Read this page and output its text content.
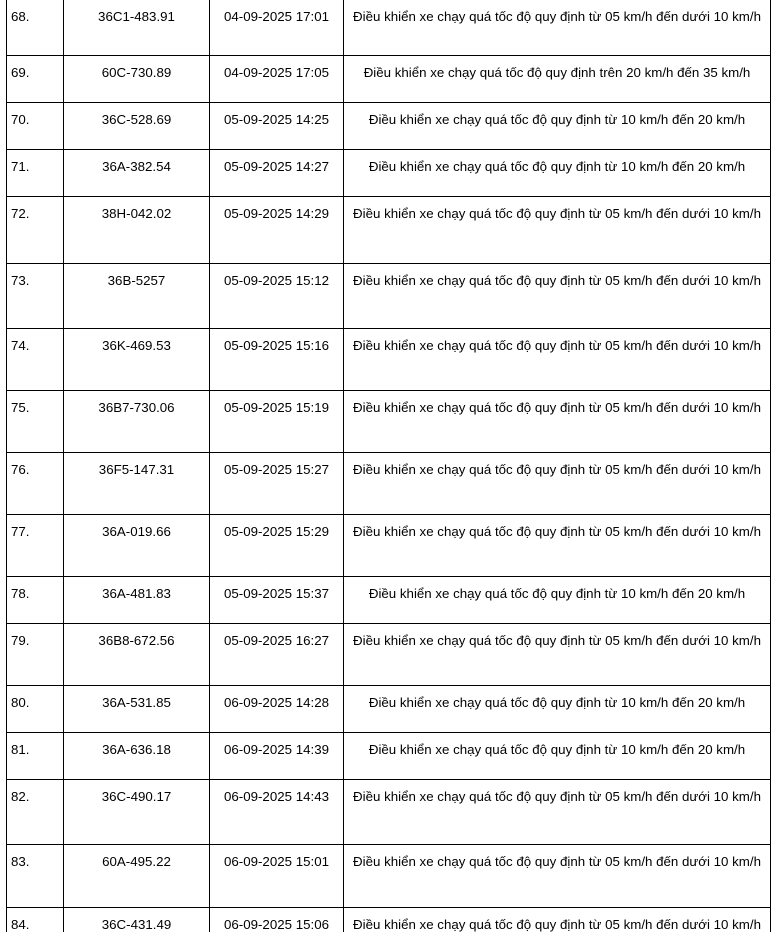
68.	36C1-483.91	04-09-2025 17:01	Điều khiển xe chạy quá tốc độ quy định từ 05 km/h đến dưới 10 km/h
69.	60C-730.89	04-09-2025 17:05	Điều khiển xe chạy quá tốc độ quy định trên 20 km/h đến 35 km/h
70.	36C-528.69	05-09-2025 14:25	Điều khiển xe chạy quá tốc độ quy định từ 10 km/h đến 20 km/h
71.	36A-382.54	05-09-2025 14:27	Điều khiển xe chạy quá tốc độ quy định từ 10 km/h đến 20 km/h
72.	38H-042.02	05-09-2025 14:29	Điều khiển xe chạy quá tốc độ quy định từ 05 km/h đến dưới 10 km/h
73.	36B-5257	05-09-2025 15:12	Điều khiển xe chạy quá tốc độ quy định từ 05 km/h đến dưới 10 km/h
74.	36K-469.53	05-09-2025 15:16	Điều khiển xe chạy quá tốc độ quy định từ 05 km/h đến dưới 10 km/h
75.	36B7-730.06	05-09-2025 15:19	Điều khiển xe chạy quá tốc độ quy định từ 05 km/h đến dưới 10 km/h
76.	36F5-147.31	05-09-2025 15:27	Điều khiển xe chạy quá tốc độ quy định từ 05 km/h đến dưới 10 km/h
77.	36A-019.66	05-09-2025 15:29	Điều khiển xe chạy quá tốc độ quy định từ 05 km/h đến dưới 10 km/h
78.	36A-481.83	05-09-2025 15:37	Điều khiển xe chạy quá tốc độ quy định từ 10 km/h đến 20 km/h
79.	36B8-672.56	05-09-2025 16:27	Điều khiển xe chạy quá tốc độ quy định từ 05 km/h đến dưới 10 km/h
80.	36A-531.85	06-09-2025 14:28	Điều khiển xe chạy quá tốc độ quy định từ 10 km/h đến 20 km/h
81.	36A-636.18	06-09-2025 14:39	Điều khiển xe chạy quá tốc độ quy định từ 10 km/h đến 20 km/h
82.	36C-490.17	06-09-2025 14:43	Điều khiển xe chạy quá tốc độ quy định từ 05 km/h đến dưới 10 km/h
83.	60A-495.22	06-09-2025 15:01	Điều khiển xe chạy quá tốc độ quy định từ 05 km/h đến dưới 10 km/h
84.	36C-431.49	06-09-2025 15:06	Điều khiển xe chạy quá tốc độ quy định từ 05 km/h đến dưới 10 km/h
